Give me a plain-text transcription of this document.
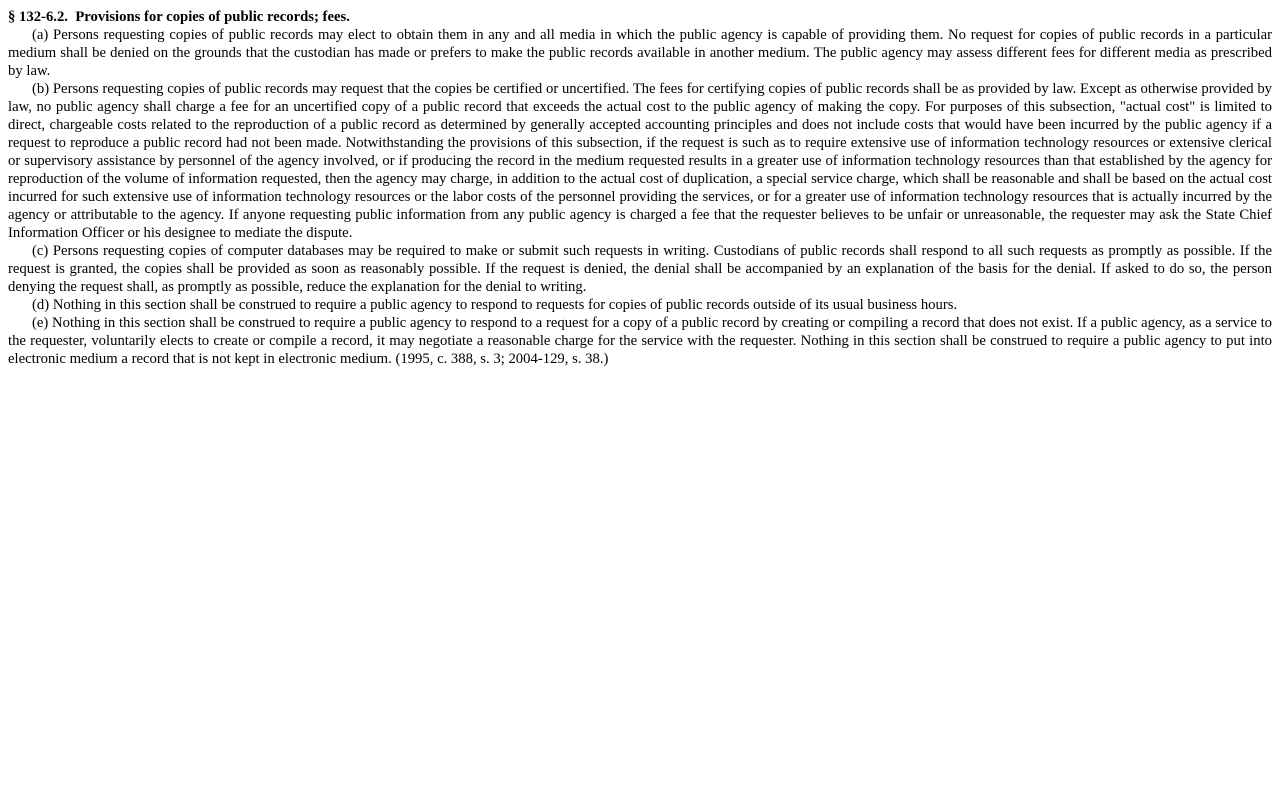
§ 132-6.2. Provisions for copies of public records; fees.

(a) Persons requesting copies of public records may elect to obtain them in any and all media in which the public agency is capable of providing them. No request for copies of public records in a particular medium shall be denied on the grounds that the custodian has made or prefers to make the public records available in another medium. The public agency may assess different fees for different media as prescribed by law.

(b) Persons requesting copies of public records may request that the copies be certified or uncertified. The fees for certifying copies of public records shall be as provided by law. Except as otherwise provided by law, no public agency shall charge a fee for an uncertified copy of a public record that exceeds the actual cost to the public agency of making the copy. For purposes of this subsection, "actual cost" is limited to direct, chargeable costs related to the reproduction of a public record as determined by generally accepted accounting principles and does not include costs that would have been incurred by the public agency if a request to reproduce a public record had not been made. Notwithstanding the provisions of this subsection, if the request is such as to require extensive use of information technology resources or extensive clerical or supervisory assistance by personnel of the agency involved, or if producing the record in the medium requested results in a greater use of information technology resources than that established by the agency for reproduction of the volume of information requested, then the agency may charge, in addition to the actual cost of duplication, a special service charge, which shall be reasonable and shall be based on the actual cost incurred for such extensive use of information technology resources or the labor costs of the personnel providing the services, or for a greater use of information technology resources that is actually incurred by the agency or attributable to the agency. If anyone requesting public information from any public agency is charged a fee that the requester believes to be unfair or unreasonable, the requester may ask the State Chief Information Officer or his designee to mediate the dispute.

(c) Persons requesting copies of computer databases may be required to make or submit such requests in writing. Custodians of public records shall respond to all such requests as promptly as possible. If the request is granted, the copies shall be provided as soon as reasonably possible. If the request is denied, the denial shall be accompanied by an explanation of the basis for the denial. If asked to do so, the person denying the request shall, as promptly as possible, reduce the explanation for the denial to writing.

(d) Nothing in this section shall be construed to require a public agency to respond to requests for copies of public records outside of its usual business hours.

(e) Nothing in this section shall be construed to require a public agency to respond to a request for a copy of a public record by creating or compiling a record that does not exist. If a public agency, as a service to the requester, voluntarily elects to create or compile a record, it may negotiate a reasonable charge for the service with the requester. Nothing in this section shall be construed to require a public agency to put into electronic medium a record that is not kept in electronic medium. (1995, c. 388, s. 3; 2004-129, s. 38.)
